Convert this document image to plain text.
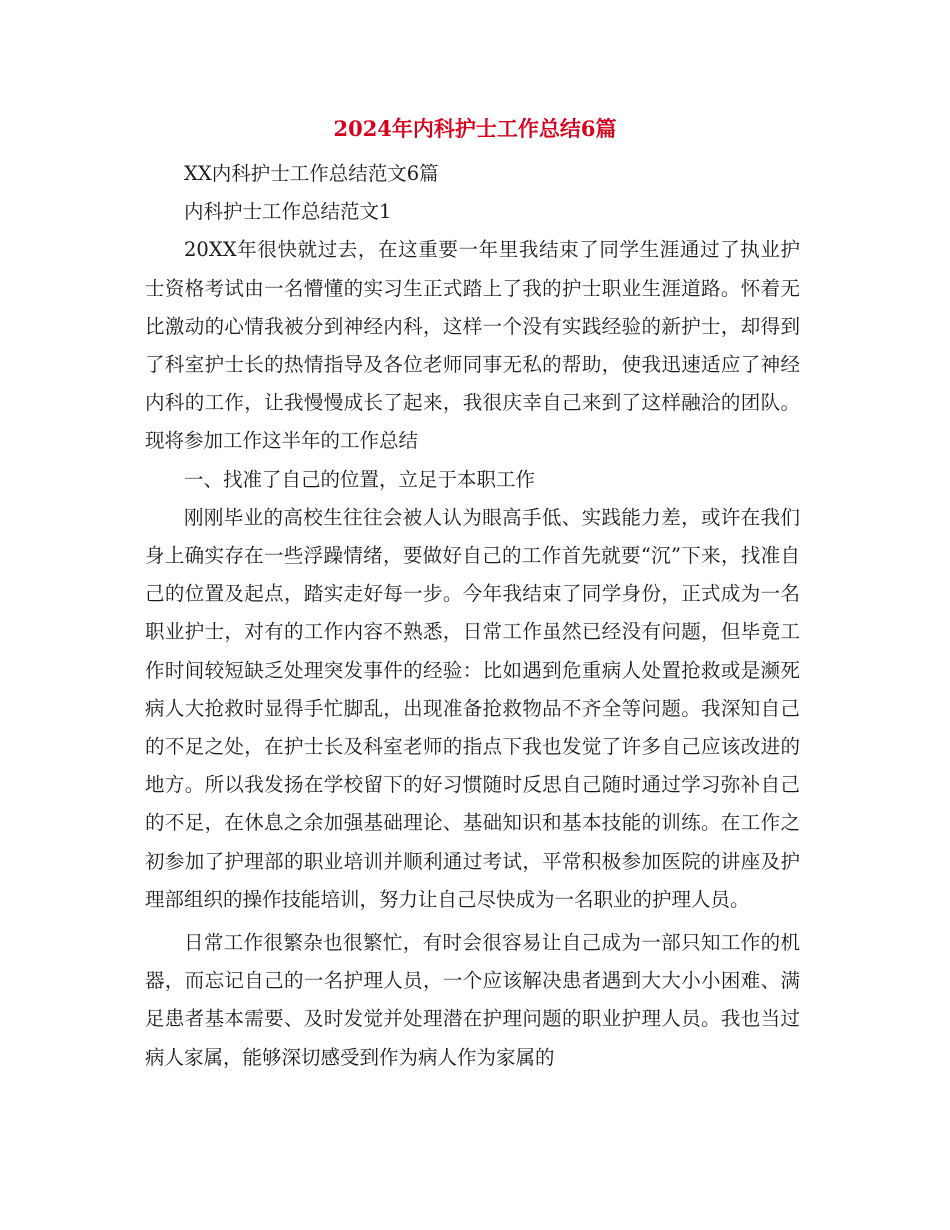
2024年内科护士工作总结6篇

XX内科护士工作总结范文6篇

内科护士工作总结范文1

20XX年很快就过去，在这重要一年里我结束了同学生涯通过了执业护士资格考试由一名懵懂的实习生正式踏上了我的护士职业生涯道路。怀着无比激动的心情我被分到神经内科，这样一个没有实践经验的新护士，却得到了科室护士长的热情指导及各位老师同事无私的帮助，使我迅速适应了神经内科的工作，让我慢慢成长了起来，我很庆幸自己来到了这样融洽的团队。现将参加工作这半年的工作总结

一、找准了自己的位置，立足于本职工作

刚刚毕业的高校生往往会被人认为眼高手低、实践能力差，或许在我们身上确实存在一些浮躁情绪，要做好自己的工作首先就要“沉”下来，找准自己的位置及起点，踏实走好每一步。今年我结束了同学身份，正式成为一名职业护士，对有的工作内容不熟悉，日常工作虽然已经没有问题，但毕竟工作时间较短缺乏处理突发事件的经验：比如遇到危重病人处置抢救或是濒死病人大抢救时显得手忙脚乱，出现准备抢救物品不齐全等问题。我深知自己的不足之处，在护士长及科室老师的指点下我也发觉了许多自己应该改进的地方。所以我发扬在学校留下的好习惯随时反思自己随时通过学习弥补自己的不足，在休息之余加强基础理论、基础知识和基本技能的训练。在工作之初参加了护理部的职业培训并顺利通过考试，平常积极参加医院的讲座及护理部组织的操作技能培训，努力让自己尽快成为一名职业的护理人员。

日常工作很繁杂也很繁忙，有时会很容易让自己成为一部只知工作的机器，而忘记自己的一名护理人员，一个应该解决患者遇到大大小小困难、满足患者基本需要、及时发觉并处理潜在护理问题的职业护理人员。我也当过病人家属，能够深切感受到作为病人作为家属的
